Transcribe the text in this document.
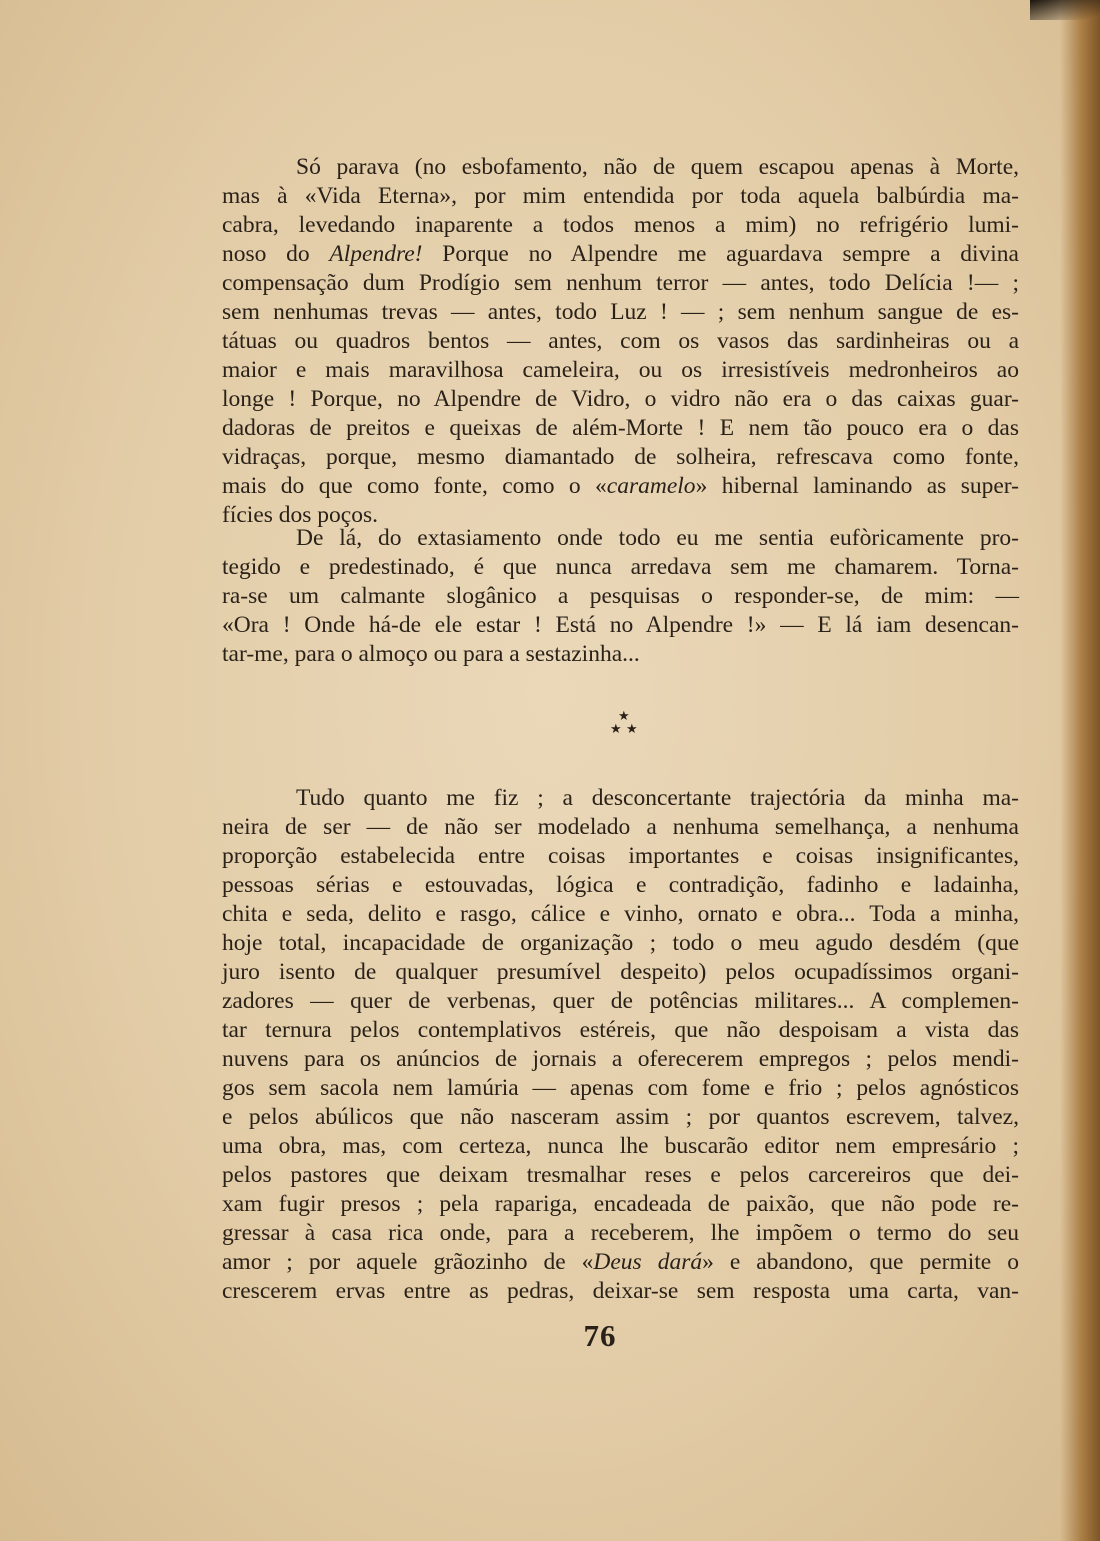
Só parava (no esbofamento, não de quem escapou apenas à Morte,
mas à «Vida Eterna», por mim entendida por toda aquela balbúrdia ma-
cabra, levedando inaparente a todos menos a mim) no refrigério lumi-
noso do Alpendre! Porque no Alpendre me aguardava sempre a divina
compensação dum Prodígio sem nenhum terror — antes, todo Delícia !— ;
sem nenhumas trevas — antes, todo Luz ! — ; sem nenhum sangue de es-
tátuas ou quadros bentos — antes, com os vasos das sardinheiras ou a
maior e mais maravilhosa cameleira, ou os irresistíveis medronheiros ao
longe ! Porque, no Alpendre de Vidro, o vidro não era o das caixas guar-
dadoras de preitos e queixas de além-Morte ! E nem tão pouco era o das
vidraças, porque, mesmo diamantado de solheira, refrescava como fonte,
mais do que como fonte, como o «caramelo» hibernal laminando as super-
fícies dos poços.
De lá, do extasiamento onde todo eu me sentia eufòricamente pro-
tegido e predestinado, é que nunca arredava sem me chamarem. Torna-
ra-se um calmante slogânico a pesquisas o responder-se, de mim: —
«Ora ! Onde há-de ele estar ! Está no Alpendre !» — E lá iam desencan-
tar-me, para o almoço ou para a sestazinha...
★
★ ★
Tudo quanto me fiz ; a desconcertante trajectória da minha ma-
neira de ser — de não ser modelado a nenhuma semelhança, a nenhuma
proporção estabelecida entre coisas importantes e coisas insignificantes,
pessoas sérias e estouvadas, lógica e contradição, fadinho e ladainha,
chita e seda, delito e rasgo, cálice e vinho, ornato e obra... Toda a minha,
hoje total, incapacidade de organização ; todo o meu agudo desdém (que
juro isento de qualquer presumível despeito) pelos ocupadíssimos organi-
zadores — quer de verbenas, quer de potências militares... A complemen-
tar ternura pelos contemplativos estéreis, que não despoisam a vista das
nuvens para os anúncios de jornais a oferecerem empregos ; pelos mendi-
gos sem sacola nem lamúria — apenas com fome e frio ; pelos agnósticos
e pelos abúlicos que não nasceram assim ; por quantos escrevem, talvez,
uma obra, mas, com certeza, nunca lhe buscarão editor nem empresário ;
pelos pastores que deixam tresmalhar reses e pelos carcereiros que dei-
xam fugir presos ; pela rapariga, encadeada de paixão, que não pode re-
gressar à casa rica onde, para a receberem, lhe impõem o termo do seu
amor ; por aquele grãozinho de «Deus dará» e abandono, que permite o
crescerem ervas entre as pedras, deixar-se sem resposta uma carta, van-
76
